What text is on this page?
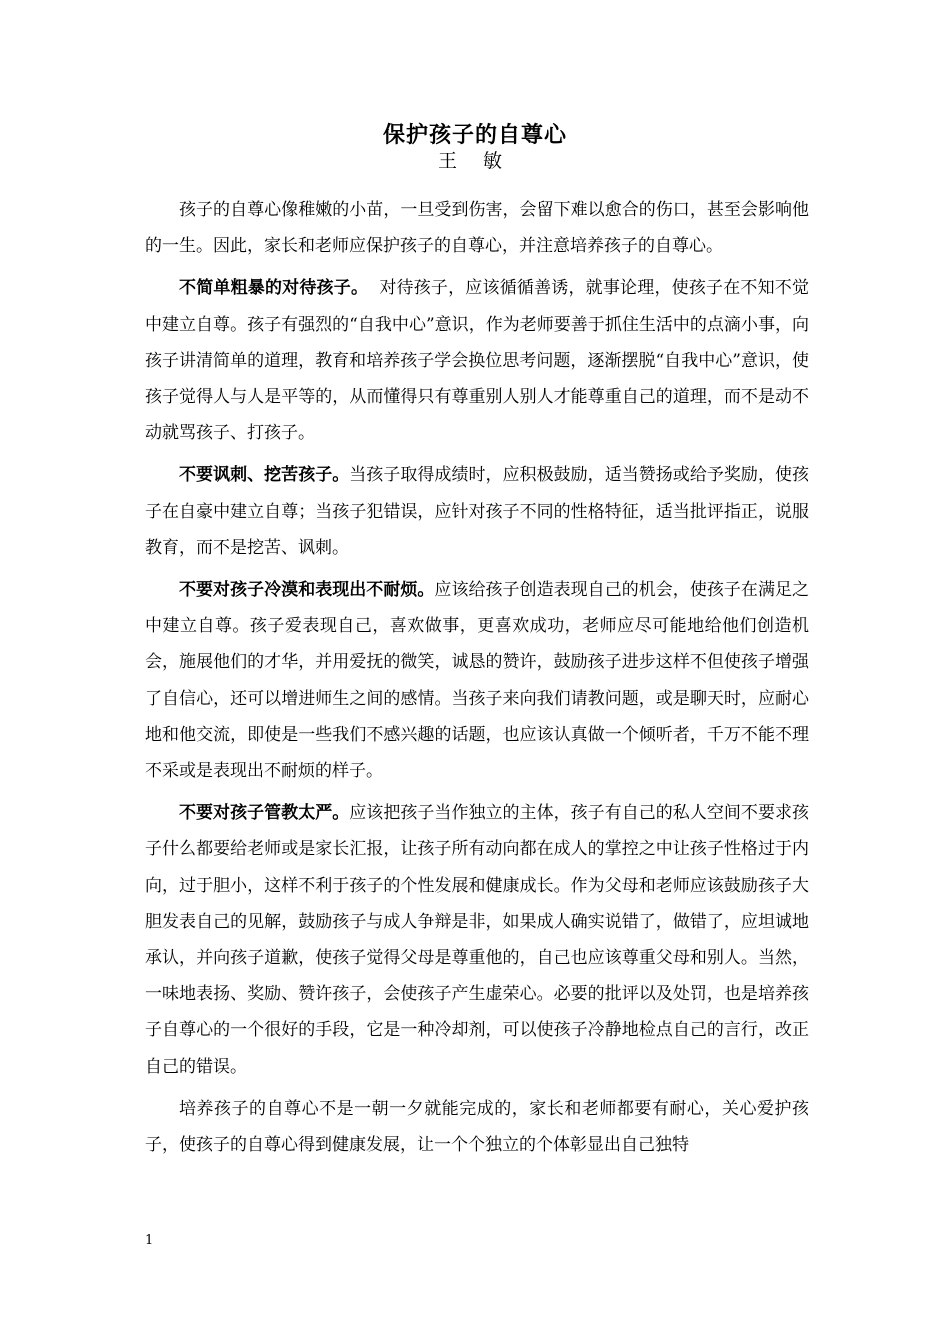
保护孩子的自尊心
王 敏

孩子的自尊心像稚嫩的小苗，一旦受到伤害，会留下难以愈合的伤口，甚至会影响他的一生。因此，家长和老师应保护孩子的自尊心，并注意培养孩子的自尊心。

不简单粗暴的对待孩子。  对待孩子，应该循循善诱，就事论理，使孩子在不知不觉中建立自尊。孩子有强烈的“自我中心”意识，作为老师要善于抓住生活中的点滴小事，向孩子讲清简单的道理，教育和培养孩子学会换位思考问题，逐渐摆脱“自我中心”意识，使孩子觉得人与人是平等的，从而懂得只有尊重别人别人才能尊重自己的道理，而不是动不动就骂孩子、打孩子。

不要讽刺、挖苦孩子。当孩子取得成绩时，应积极鼓励，适当赞扬或给予奖励，使孩子在自豪中建立自尊；当孩子犯错误，应针对孩子不同的性格特征，适当批评指正，说服教育，而不是挖苦、讽刺。

不要对孩子冷漠和表现出不耐烦。应该给孩子创造表现自己的机会，使孩子在满足之中建立自尊。孩子爱表现自己，喜欢做事，更喜欢成功，老师应尽可能地给他们创造机会，施展他们的才华，并用爱抚的微笑，诚恳的赞许，鼓励孩子进步这样不但使孩子增强了自信心，还可以增进师生之间的感情。当孩子来向我们请教问题，或是聊天时，应耐心地和他交流，即使是一些我们不感兴趣的话题，也应该认真做一个倾听者，千万不能不理不采或是表现出不耐烦的样子。

不要对孩子管教太严。应该把孩子当作独立的主体，孩子有自己的私人空间不要求孩子什么都要给老师或是家长汇报，让孩子所有动向都在成人的掌控之中让孩子性格过于内向，过于胆小，这样不利于孩子的个性发展和健康成长。作为父母和老师应该鼓励孩子大胆发表自己的见解，鼓励孩子与成人争辩是非，如果成人确实说错了，做错了，应坦诚地承认，并向孩子道歉，使孩子觉得父母是尊重他的，自己也应该尊重父母和别人。当然，一味地表扬、奖励、赞许孩子，会使孩子产生虚荣心。必要的批评以及处罚，也是培养孩子自尊心的一个很好的手段，它是一种冷却剂，可以使孩子冷静地检点自己的言行，改正自己的错误。

培养孩子的自尊心不是一朝一夕就能完成的，家长和老师都要有耐心，关心爱护孩子，使孩子的自尊心得到健康发展，让一个个独立的个体彰显出自己独特

1
